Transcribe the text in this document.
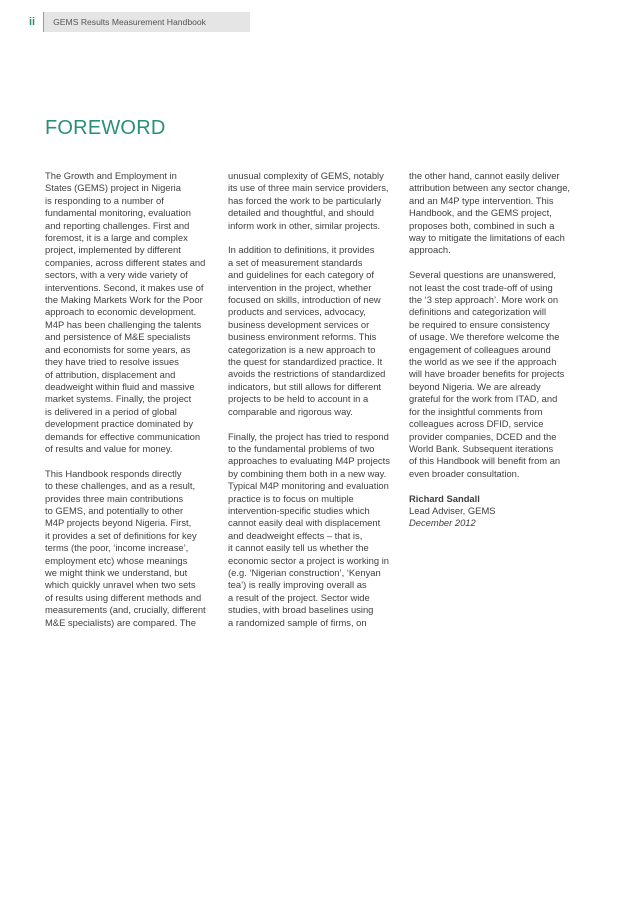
ii	GEMS Results Measurement Handbook
FOREWORD

The Growth and Employment in
States (GEMS) project in Nigeria
is responding to a number of
fundamental monitoring, evaluation
and reporting challenges. First and
foremost, it is a large and complex
project, implemented by different
companies, across different states and
sectors, with a very wide variety of
interventions. Second, it makes use of
the Making Markets Work for the Poor
approach to economic development.
M4P has been challenging the talents
and persistence of M&E specialists
and economists for some years, as
they have tried to resolve issues
of attribution, displacement and
deadweight within fluid and massive
market systems. Finally, the project
is delivered in a period of global
development practice dominated by
demands for effective communication
of results and value for money.

This Handbook responds directly
to these challenges, and as a result,
provides three main contributions
to GEMS, and potentially to other
M4P projects beyond Nigeria. First,
it provides a set of definitions for key
terms (the poor, ‘income increase’,
employment etc) whose meanings
we might think we understand, but
which quickly unravel when two sets
of results using different methods and
measurements (and, crucially, different
M&E specialists) are compared. The

unusual complexity of GEMS, notably
its use of three main service providers,
has forced the work to be particularly
detailed and thoughtful, and should
inform work in other, similar projects.

In addition to definitions, it provides
a set of measurement standards
and guidelines for each category of
intervention in the project, whether
focused on skills, introduction of new
products and services, advocacy,
business development services or
business environment reforms. This
categorization is a new approach to
the quest for standardized practice. It
avoids the restrictions of standardized
indicators, but still allows for different
projects to be held to account in a
comparable and rigorous way.

Finally, the project has tried to respond
to the fundamental problems of two
approaches to evaluating M4P projects
by combining them both in a new way.
Typical M4P monitoring and evaluation
practice is to focus on multiple
intervention-specific studies which
cannot easily deal with displacement
and deadweight effects – that is,
it cannot easily tell us whether the
economic sector a project is working in
(e.g. ‘Nigerian construction’, ‘Kenyan
tea’) is really improving overall as
a result of the project. Sector wide
studies, with broad baselines using
a randomized sample of firms, on

the other hand, cannot easily deliver
attribution between any sector change,
and an M4P type intervention. This
Handbook, and the GEMS project,
proposes both, combined in such a
way to mitigate the limitations of each
approach.

Several questions are unanswered,
not least the cost trade-off of using
the ‘3 step approach’. More work on
definitions and categorization will
be required to ensure consistency
of usage. We therefore welcome the
engagement of colleagues around
the world as we see if the approach
will have broader benefits for projects
beyond Nigeria. We are already
grateful for the work from ITAD, and
for the insightful comments from
colleagues across DFID, service
provider companies, DCED and the
World Bank. Subsequent iterations
of this Handbook will benefit from an
even broader consultation.

Richard Sandall
Lead Adviser, GEMS
December 2012
